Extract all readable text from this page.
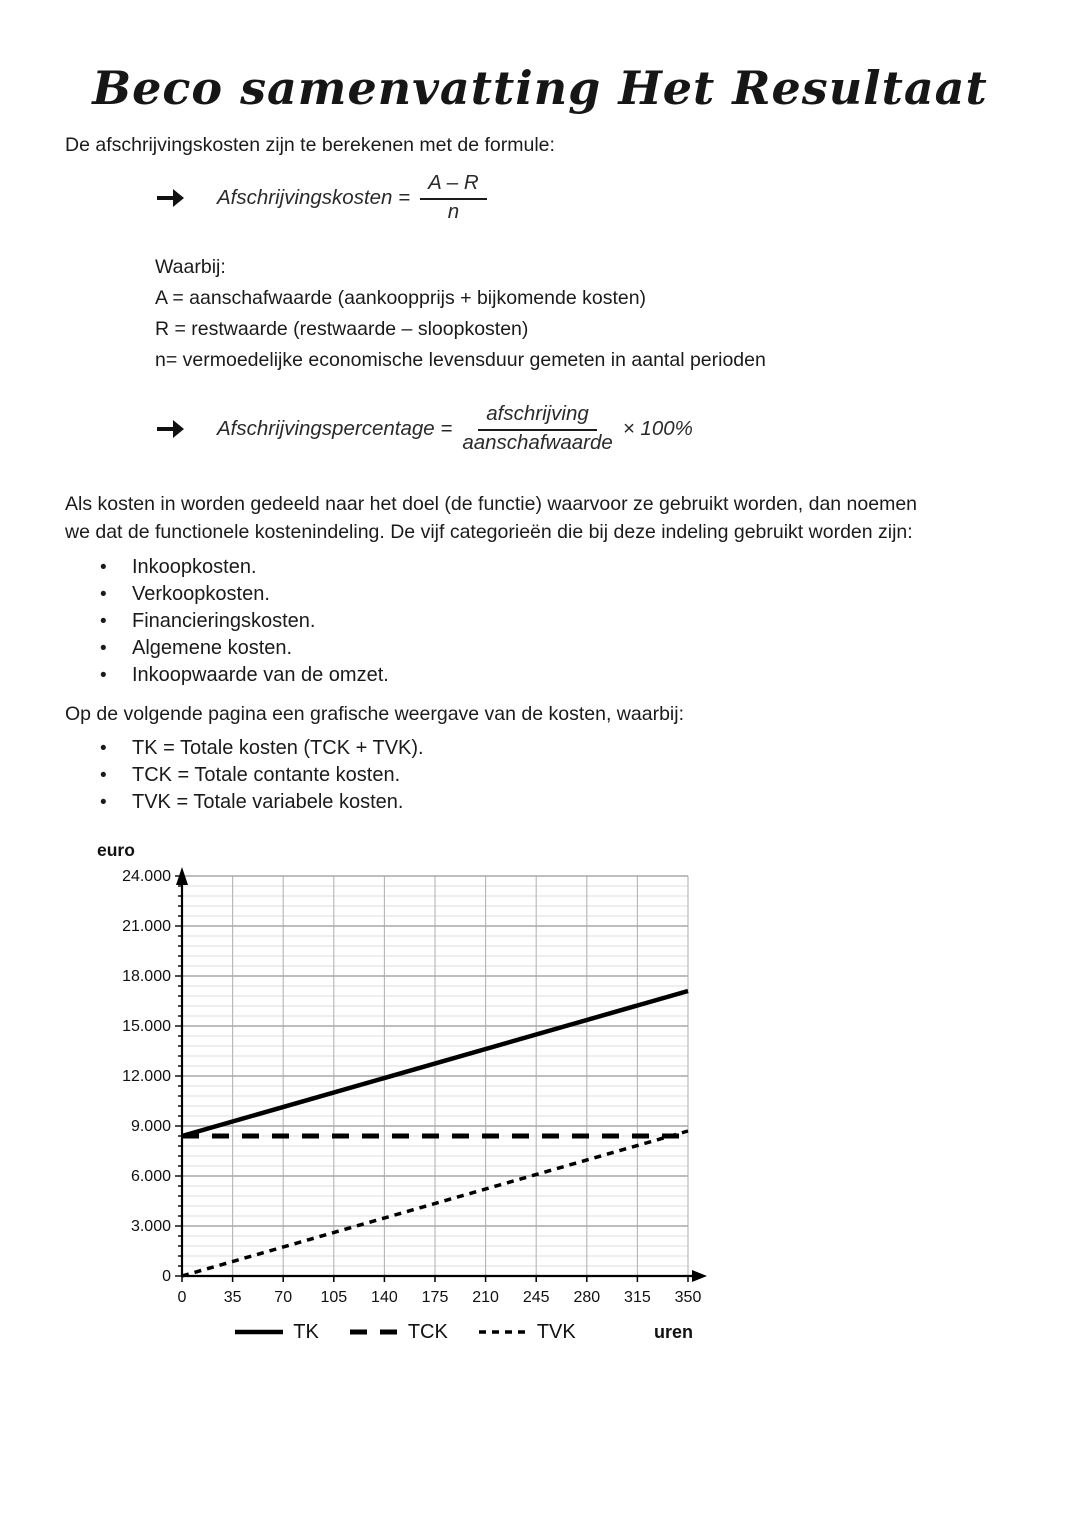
Beco samenvatting Het Resultaat
De afschrijvingskosten zijn te berekenen met de formule:
Afschrijvingskosten = $\frac{A - R}{n}$
Waarbij:
A = aanschafwaarde (aankoopprijs + bijkomende kosten)
R = restwaarde (restwaarde – sloopkosten)
n= vermoedelijke economische levensduur gemeten in aantal perioden
Afschrijvingspercentage = $\frac{\text{afschrijving}}{\text{aanschafwaarde}} \times 100\%$
Als kosten in worden gedeeld naar het doel (de functie) waarvoor ze gebruikt worden, dan noemen
we dat de functionele kostenindeling. De vijf categorieën die bij deze indeling gebruikt worden zijn:
• Inkoopkosten.
• Verkoopkosten.
• Financieringskosten.
• Algemene kosten.
• Inkoopwaarde van de omzet.
Op de volgende pagina een grafische weergave van de kosten, waarbij:
• TK = Totale kosten (TCK + TVK).
• TCK = Totale contante kosten.
• TVK = Totale variabele kosten.
euro
0
3.000
6.000
9.000
12.000
15.000
18.000
21.000
24.000
0 35 70 105 140 175 210 245 280 315 350
TK	TCK	TVK	uren
